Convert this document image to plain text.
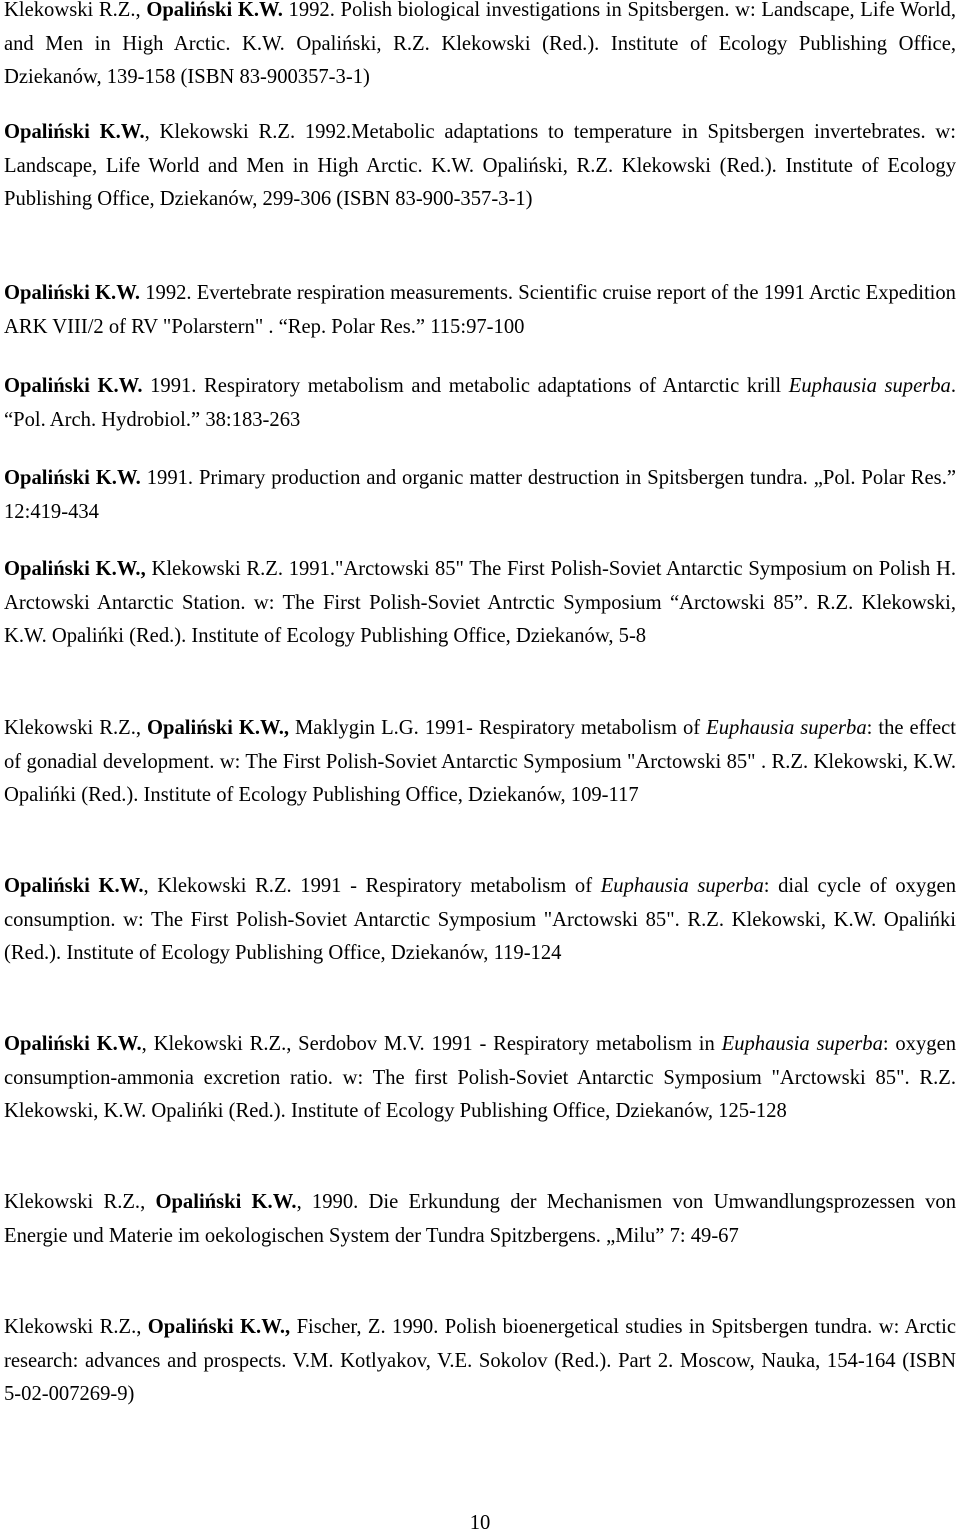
Klekowski R.Z., Opaliński K.W. 1992. Polish biological investigations in Spitsbergen. w: Landscape, Life World, and Men in High Arctic. K.W. Opaliński, R.Z. Klekowski (Red.). Institute of Ecology Publishing Office, Dziekanów, 139-158 (ISBN 83-900357-3-1)

Opaliński K.W., Klekowski R.Z. 1992.Metabolic adaptations to temperature in Spitsbergen invertebrates. w: Landscape, Life World and Men in High Arctic. K.W. Opaliński, R.Z. Klekowski (Red.). Institute of Ecology Publishing Office, Dziekanów, 299-306 (ISBN 83-900-357-3-1)

Opaliński K.W. 1992. Evertebrate respiration measurements. Scientific cruise report of the 1991 Arctic Expedition ARK VIII/2 of RV "Polarstern" . “Rep. Polar Res.” 115:97-100

Opaliński K.W. 1991. Respiratory metabolism and metabolic adaptations of Antarctic krill Euphausia superba. “Pol. Arch. Hydrobiol.” 38:183-263

Opaliński K.W. 1991. Primary production and organic matter destruction in Spitsbergen tundra. „Pol. Polar Res.” 12:419-434

Opaliński K.W., Klekowski R.Z. 1991."Arctowski 85" The First Polish-Soviet Antarctic Symposium on Polish H. Arctowski Antarctic Station. w: The First Polish-Soviet Antrctic Symposium “Arctowski 85”. R.Z. Klekowski, K.W. Opalińki (Red.). Institute of Ecology Publishing Office, Dziekanów, 5-8

Klekowski R.Z., Opaliński K.W., Maklygin L.G. 1991- Respiratory metabolism of Euphausia superba: the effect of gonadial development. w: The First Polish-Soviet Antarctic Symposium "Arctowski 85" . R.Z. Klekowski, K.W. Opalińki (Red.). Institute of Ecology Publishing Office, Dziekanów, 109-117

Opaliński K.W., Klekowski R.Z. 1991 - Respiratory metabolism of Euphausia superba: dial cycle of oxygen consumption. w: The First Polish-Soviet Antarctic Symposium "Arctowski 85". R.Z. Klekowski, K.W. Opalińki (Red.). Institute of Ecology Publishing Office, Dziekanów, 119-124

Opaliński K.W., Klekowski R.Z., Serdobov M.V. 1991 - Respiratory metabolism in Euphausia superba: oxygen consumption-ammonia excretion ratio. w: The first Polish-Soviet Antarctic Symposium "Arctowski 85". R.Z. Klekowski, K.W. Opalińki (Red.). Institute of Ecology Publishing Office, Dziekanów, 125-128

Klekowski R.Z., Opaliński K.W., 1990. Die Erkundung der Mechanismen von Umwandlungsprozessen von Energie und Materie im oekologischen System der Tundra Spitzbergens. „Milu” 7: 49-67

Klekowski R.Z., Opaliński K.W., Fischer, Z. 1990. Polish bioenergetical studies in Spitsbergen tundra. w: Arctic research: advances and prospects. V.M. Kotlyakov, V.E. Sokolov (Red.). Part 2. Moscow, Nauka, 154-164 (ISBN 5-02-007269-9)

10
